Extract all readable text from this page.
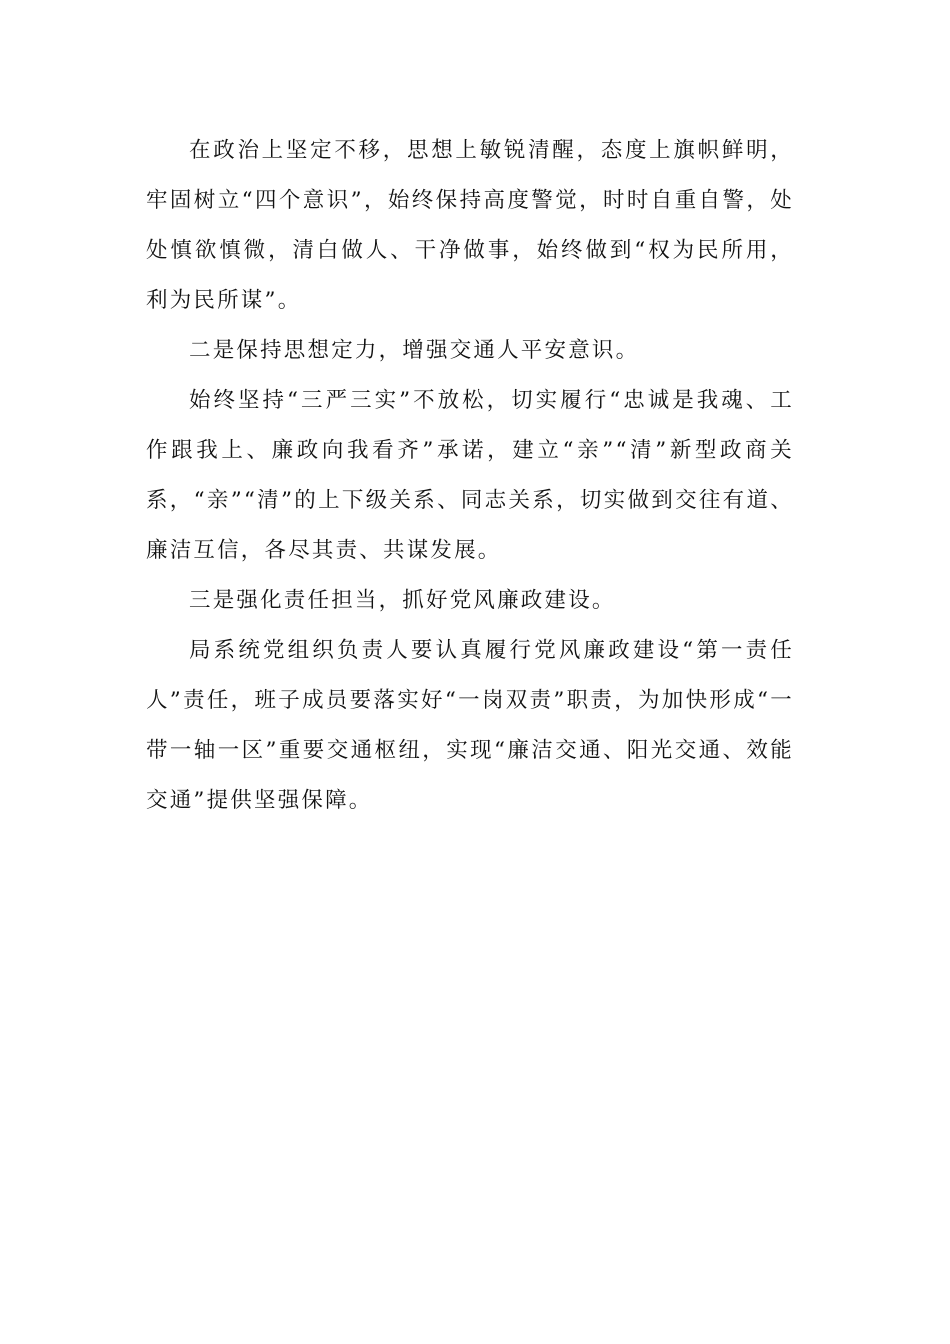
在政治上坚定不移，思想上敏锐清醒，态度上旗帜鲜明，牢固树立“四个意识”，始终保持高度警觉，时时自重自警，处处慎欲慎微，清白做人、干净做事，始终做到“权为民所用，利为民所谋”。

二是保持思想定力，增强交通人平安意识。

始终坚持“三严三实”不放松，切实履行“忠诚是我魂、工作跟我上、廉政向我看齐”承诺，建立“亲”“清”新型政商关系，“亲”“清”的上下级关系、同志关系，切实做到交往有道、廉洁互信，各尽其责、共谋发展。

三是强化责任担当，抓好党风廉政建设。

局系统党组织负责人要认真履行党风廉政建设“第一责任人”责任，班子成员要落实好“一岗双责”职责，为加快形成“一带一轴一区”重要交通枢纽，实现“廉洁交通、阳光交通、效能交通”提供坚强保障。
